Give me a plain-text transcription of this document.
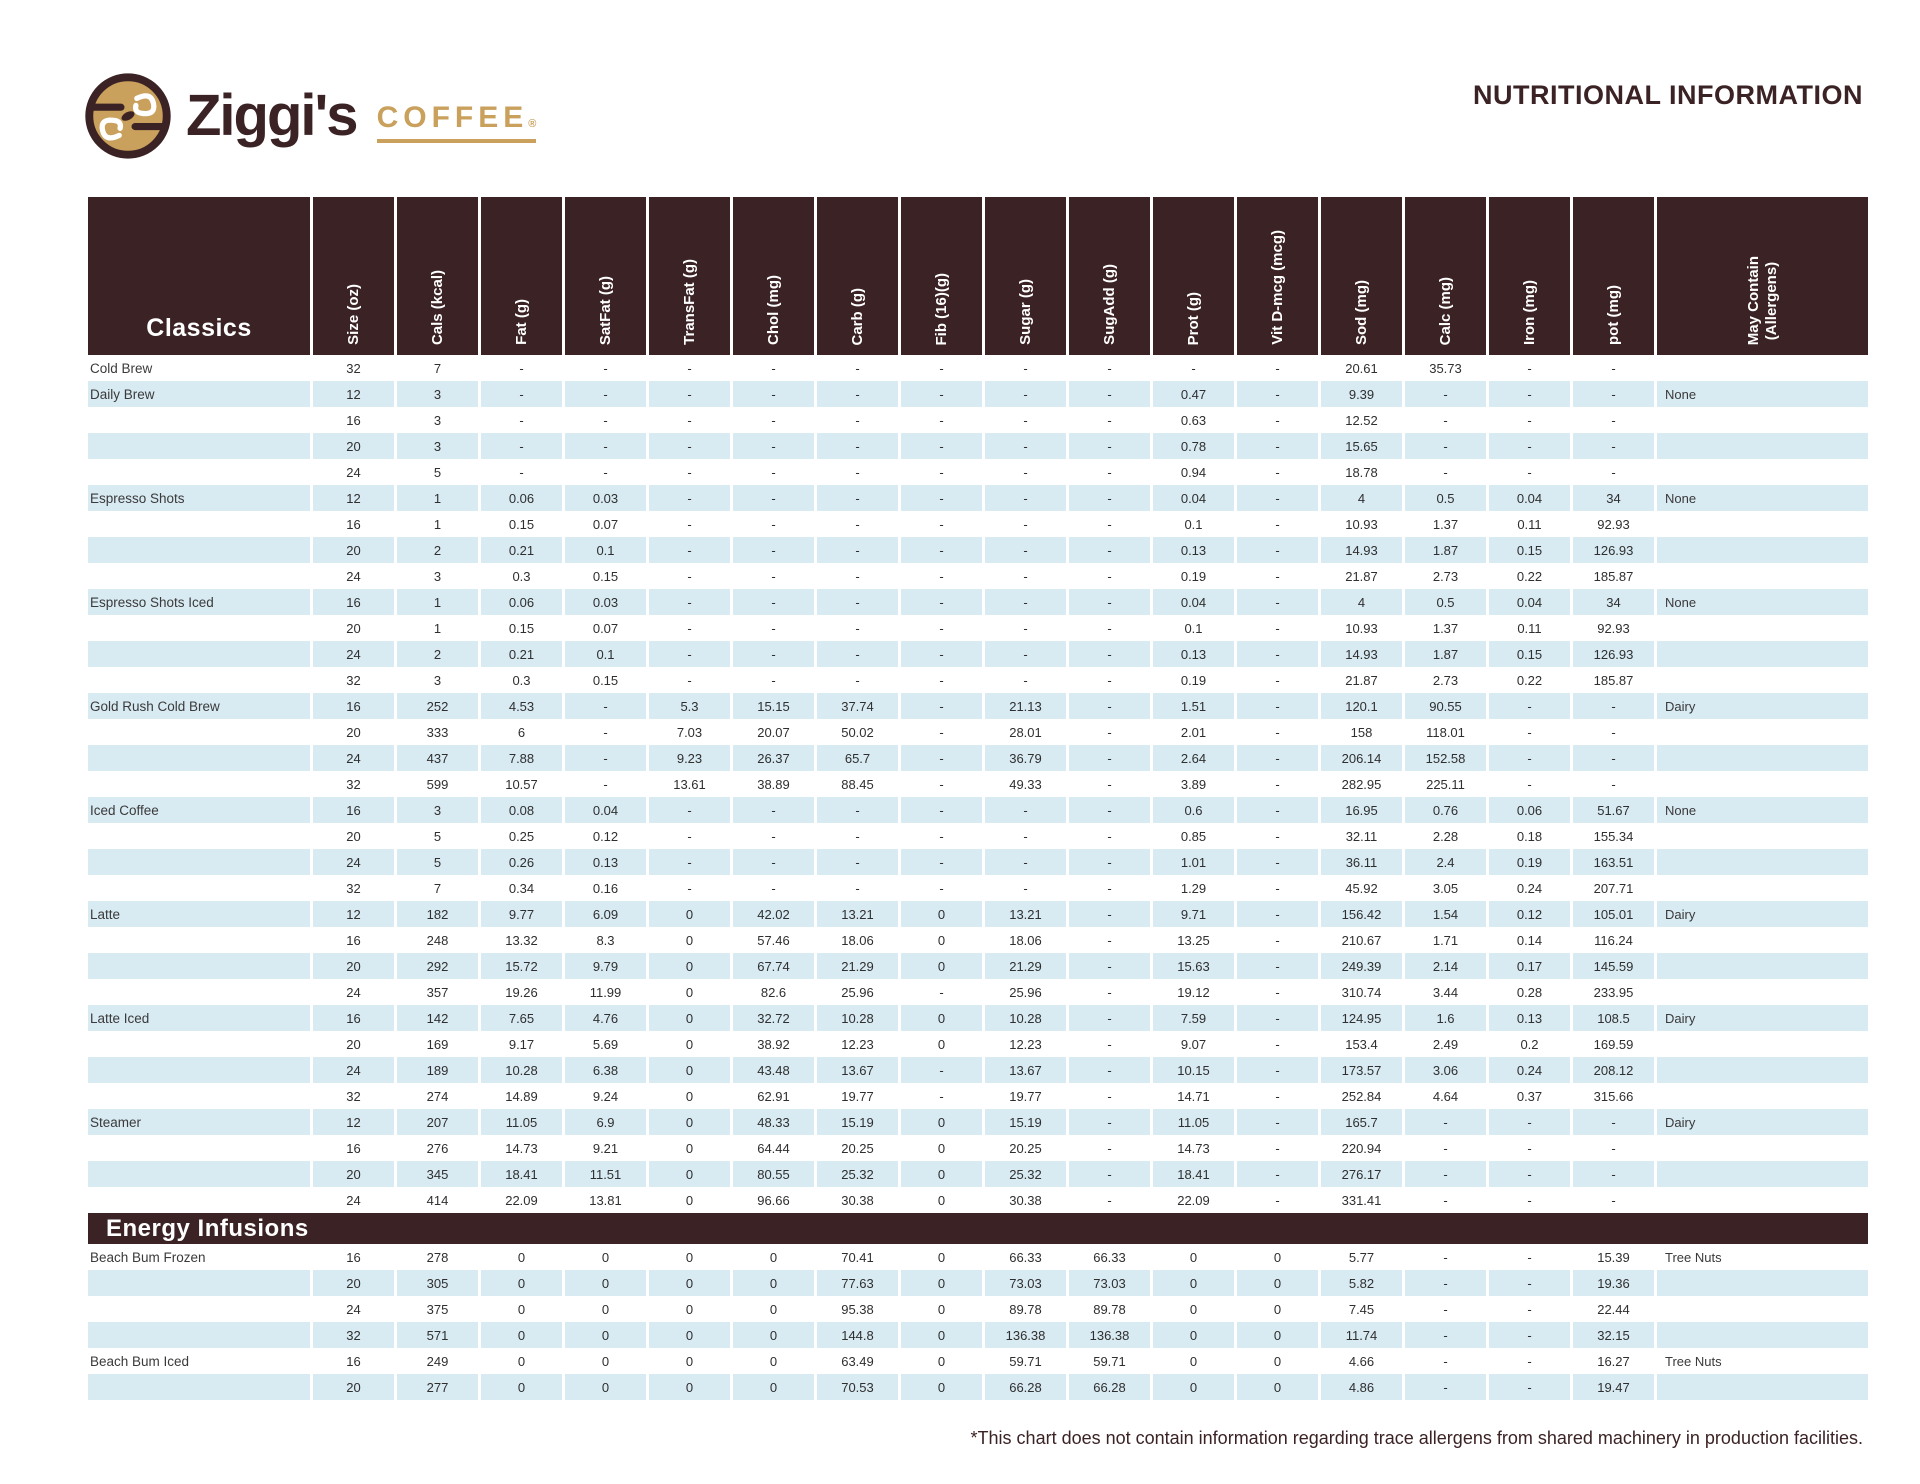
Ziggi's COFFEE®
NUTRITIONAL INFORMATION
Classics	Size (oz)	Cals (kcal)	Fat (g)	SatFat (g)	TransFat (g)	Chol (mg)	Carb (g)	Fib (16)(g)	Sugar (g)	SugAdd (g)	Prot (g)	Vit D-mcg (mcg)	Sod (mg)	Calc (mg)	Iron (mg)	pot (mg)	May Contain
(Allergens)

Cold Brew	32	7	-	-	-	-	-	-	-	-	-	-	20.61	35.73	-	-	
Daily Brew	12	3	-	-	-	-	-	-	-	-	0.47	-	9.39	-	-	-	None
	16	3	-	-	-	-	-	-	-	-	0.63	-	12.52	-	-	-	
	20	3	-	-	-	-	-	-	-	-	0.78	-	15.65	-	-	-	
	24	5	-	-	-	-	-	-	-	-	0.94	-	18.78	-	-	-	
Espresso Shots	12	1	0.06	0.03	-	-	-	-	-	-	0.04	-	4	0.5	0.04	34	None
	16	1	0.15	0.07	-	-	-	-	-	-	0.1	-	10.93	1.37	0.11	92.93	
	20	2	0.21	0.1	-	-	-	-	-	-	0.13	-	14.93	1.87	0.15	126.93	
	24	3	0.3	0.15	-	-	-	-	-	-	0.19	-	21.87	2.73	0.22	185.87	
Espresso Shots Iced	16	1	0.06	0.03	-	-	-	-	-	-	0.04	-	4	0.5	0.04	34	None
	20	1	0.15	0.07	-	-	-	-	-	-	0.1	-	10.93	1.37	0.11	92.93	
	24	2	0.21	0.1	-	-	-	-	-	-	0.13	-	14.93	1.87	0.15	126.93	
	32	3	0.3	0.15	-	-	-	-	-	-	0.19	-	21.87	2.73	0.22	185.87	
Gold Rush Cold Brew	16	252	4.53	-	5.3	15.15	37.74	-	21.13	-	1.51	-	120.1	90.55	-	-	Dairy
	20	333	6	-	7.03	20.07	50.02	-	28.01	-	2.01	-	158	118.01	-	-	
	24	437	7.88	-	9.23	26.37	65.7	-	36.79	-	2.64	-	206.14	152.58	-	-	
	32	599	10.57	-	13.61	38.89	88.45	-	49.33	-	3.89	-	282.95	225.11	-	-	
Iced Coffee	16	3	0.08	0.04	-	-	-	-	-	-	0.6	-	16.95	0.76	0.06	51.67	None
	20	5	0.25	0.12	-	-	-	-	-	-	0.85	-	32.11	2.28	0.18	155.34	
	24	5	0.26	0.13	-	-	-	-	-	-	1.01	-	36.11	2.4	0.19	163.51	
	32	7	0.34	0.16	-	-	-	-	-	-	1.29	-	45.92	3.05	0.24	207.71	
Latte	12	182	9.77	6.09	0	42.02	13.21	0	13.21	-	9.71	-	156.42	1.54	0.12	105.01	Dairy
	16	248	13.32	8.3	0	57.46	18.06	0	18.06	-	13.25	-	210.67	1.71	0.14	116.24	
	20	292	15.72	9.79	0	67.74	21.29	0	21.29	-	15.63	-	249.39	2.14	0.17	145.59	
	24	357	19.26	11.99	0	82.6	25.96	-	25.96	-	19.12	-	310.74	3.44	0.28	233.95	
Latte Iced	16	142	7.65	4.76	0	32.72	10.28	0	10.28	-	7.59	-	124.95	1.6	0.13	108.5	Dairy
	20	169	9.17	5.69	0	38.92	12.23	0	12.23	-	9.07	-	153.4	2.49	0.2	169.59	
	24	189	10.28	6.38	0	43.48	13.67	-	13.67	-	10.15	-	173.57	3.06	0.24	208.12	
	32	274	14.89	9.24	0	62.91	19.77	-	19.77	-	14.71	-	252.84	4.64	0.37	315.66	
Steamer	12	207	11.05	6.9	0	48.33	15.19	0	15.19	-	11.05	-	165.7	-	-	-	Dairy
	16	276	14.73	9.21	0	64.44	20.25	0	20.25	-	14.73	-	220.94	-	-	-	
	20	345	18.41	11.51	0	80.55	25.32	0	25.32	-	18.41	-	276.17	-	-	-	
	24	414	22.09	13.81	0	96.66	30.38	0	30.38	-	22.09	-	331.41	-	-	-	
Energy Infusions																	
Beach Bum Frozen	16	278	0	0	0	0	70.41	0	66.33	66.33	0	0	5.77	-	-	15.39	Tree Nuts
	20	305	0	0	0	0	77.63	0	73.03	73.03	0	0	5.82	-	-	19.36	
	24	375	0	0	0	0	95.38	0	89.78	89.78	0	0	7.45	-	-	22.44	
	32	571	0	0	0	0	144.8	0	136.38	136.38	0	0	11.74	-	-	32.15	
Beach Bum Iced	16	249	0	0	0	0	63.49	0	59.71	59.71	0	0	4.66	-	-	16.27	Tree Nuts
	20	277	0	0	0	0	70.53	0	66.28	66.28	0	0	4.86	-	-	19.47	
*This chart does not contain information regarding trace allergens from shared machinery in production facilities.
